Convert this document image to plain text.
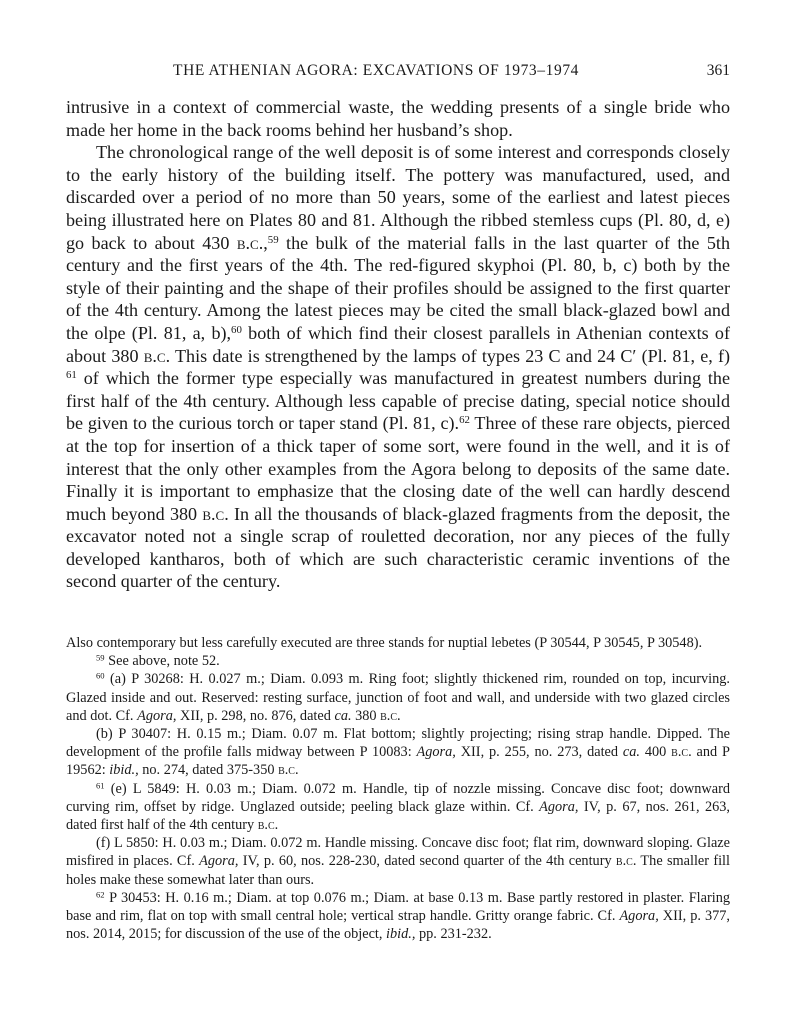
THE ATHENIAN AGORA: EXCAVATIONS OF 1973–1974	361

intrusive in a context of commercial waste, the wedding presents of a single bride who made her home in the back rooms behind her husband’s shop.

The chronological range of the well deposit is of some interest and corresponds closely to the early history of the building itself. The pottery was manufactured, used, and discarded over a period of no more than 50 years, some of the earliest and latest pieces being illustrated here on Plates 80 and 81. Although the ribbed stemless cups (Pl. 80, d, e) go back to about 430 b.c.,$^{59}$ the bulk of the material falls in the last quarter of the 5th century and the first years of the 4th. The red-figured skyphoi (Pl. 80, b, c) both by the style of their painting and the shape of their profiles should be assigned to the first quarter of the 4th century. Among the latest pieces may be cited the small black-glazed bowl and the olpe (Pl. 81, a, b),$^{60}$ both of which find their closest parallels in Athenian contexts of about 380 b.c. This date is strengthened by the lamps of types 23 C and 24 C′ (Pl. 81, e, f) $^{61}$ of which the former type especially was manufactured in greatest numbers during the first half of the 4th century. Although less capable of precise dating, special notice should be given to the curious torch or taper stand (Pl. 81, c).$^{62}$ Three of these rare objects, pierced at the top for insertion of a thick taper of some sort, were found in the well, and it is of interest that the only other examples from the Agora belong to deposits of the same date. Finally it is important to emphasize that the closing date of the well can hardly descend much beyond 380 b.c. In all the thousands of black-glazed fragments from the deposit, the excavator noted not a single scrap of rouletted decoration, nor any pieces of the fully developed kantharos, both of which are such characteristic ceramic inventions of the second quarter of the century.

Also contemporary but less carefully executed are three stands for nuptial lebetes (P 30544, P 30545, P 30548).

$^{59}$ See above, note 52.

$^{60}$ (a) P 30268: H. 0.027 m.; Diam. 0.093 m. Ring foot; slightly thickened rim, rounded on top, incurving. Glazed inside and out. Reserved: resting surface, junction of foot and wall, and underside with two glazed circles and dot. Cf. Agora, XII, p. 298, no. 876, dated ca. 380 b.c.

(b) P 30407: H. 0.15 m.; Diam. 0.07 m. Flat bottom; slightly projecting; rising strap handle. Dipped. The development of the profile falls midway between P 10083: Agora, XII, p. 255, no. 273, dated ca. 400 b.c. and P 19562: ibid., no. 274, dated 375-350 b.c.

$^{61}$ (e) L 5849: H. 0.03 m.; Diam. 0.072 m. Handle, tip of nozzle missing. Concave disc foot; downward curving rim, offset by ridge. Unglazed outside; peeling black glaze within. Cf. Agora, IV, p. 67, nos. 261, 263, dated first half of the 4th century b.c.

(f) L 5850: H. 0.03 m.; Diam. 0.072 m. Handle missing. Concave disc foot; flat rim, downward sloping. Glaze misfired in places. Cf. Agora, IV, p. 60, nos. 228-230, dated second quarter of the 4th century b.c. The smaller fill holes make these somewhat later than ours.

$^{62}$ P 30453: H. 0.16 m.; Diam. at top 0.076 m.; Diam. at base 0.13 m. Base partly restored in plaster. Flaring base and rim, flat on top with small central hole; vertical strap handle. Gritty orange fabric. Cf. Agora, XII, p. 377, nos. 2014, 2015; for discussion of the use of the object, ibid., pp. 231-232.
